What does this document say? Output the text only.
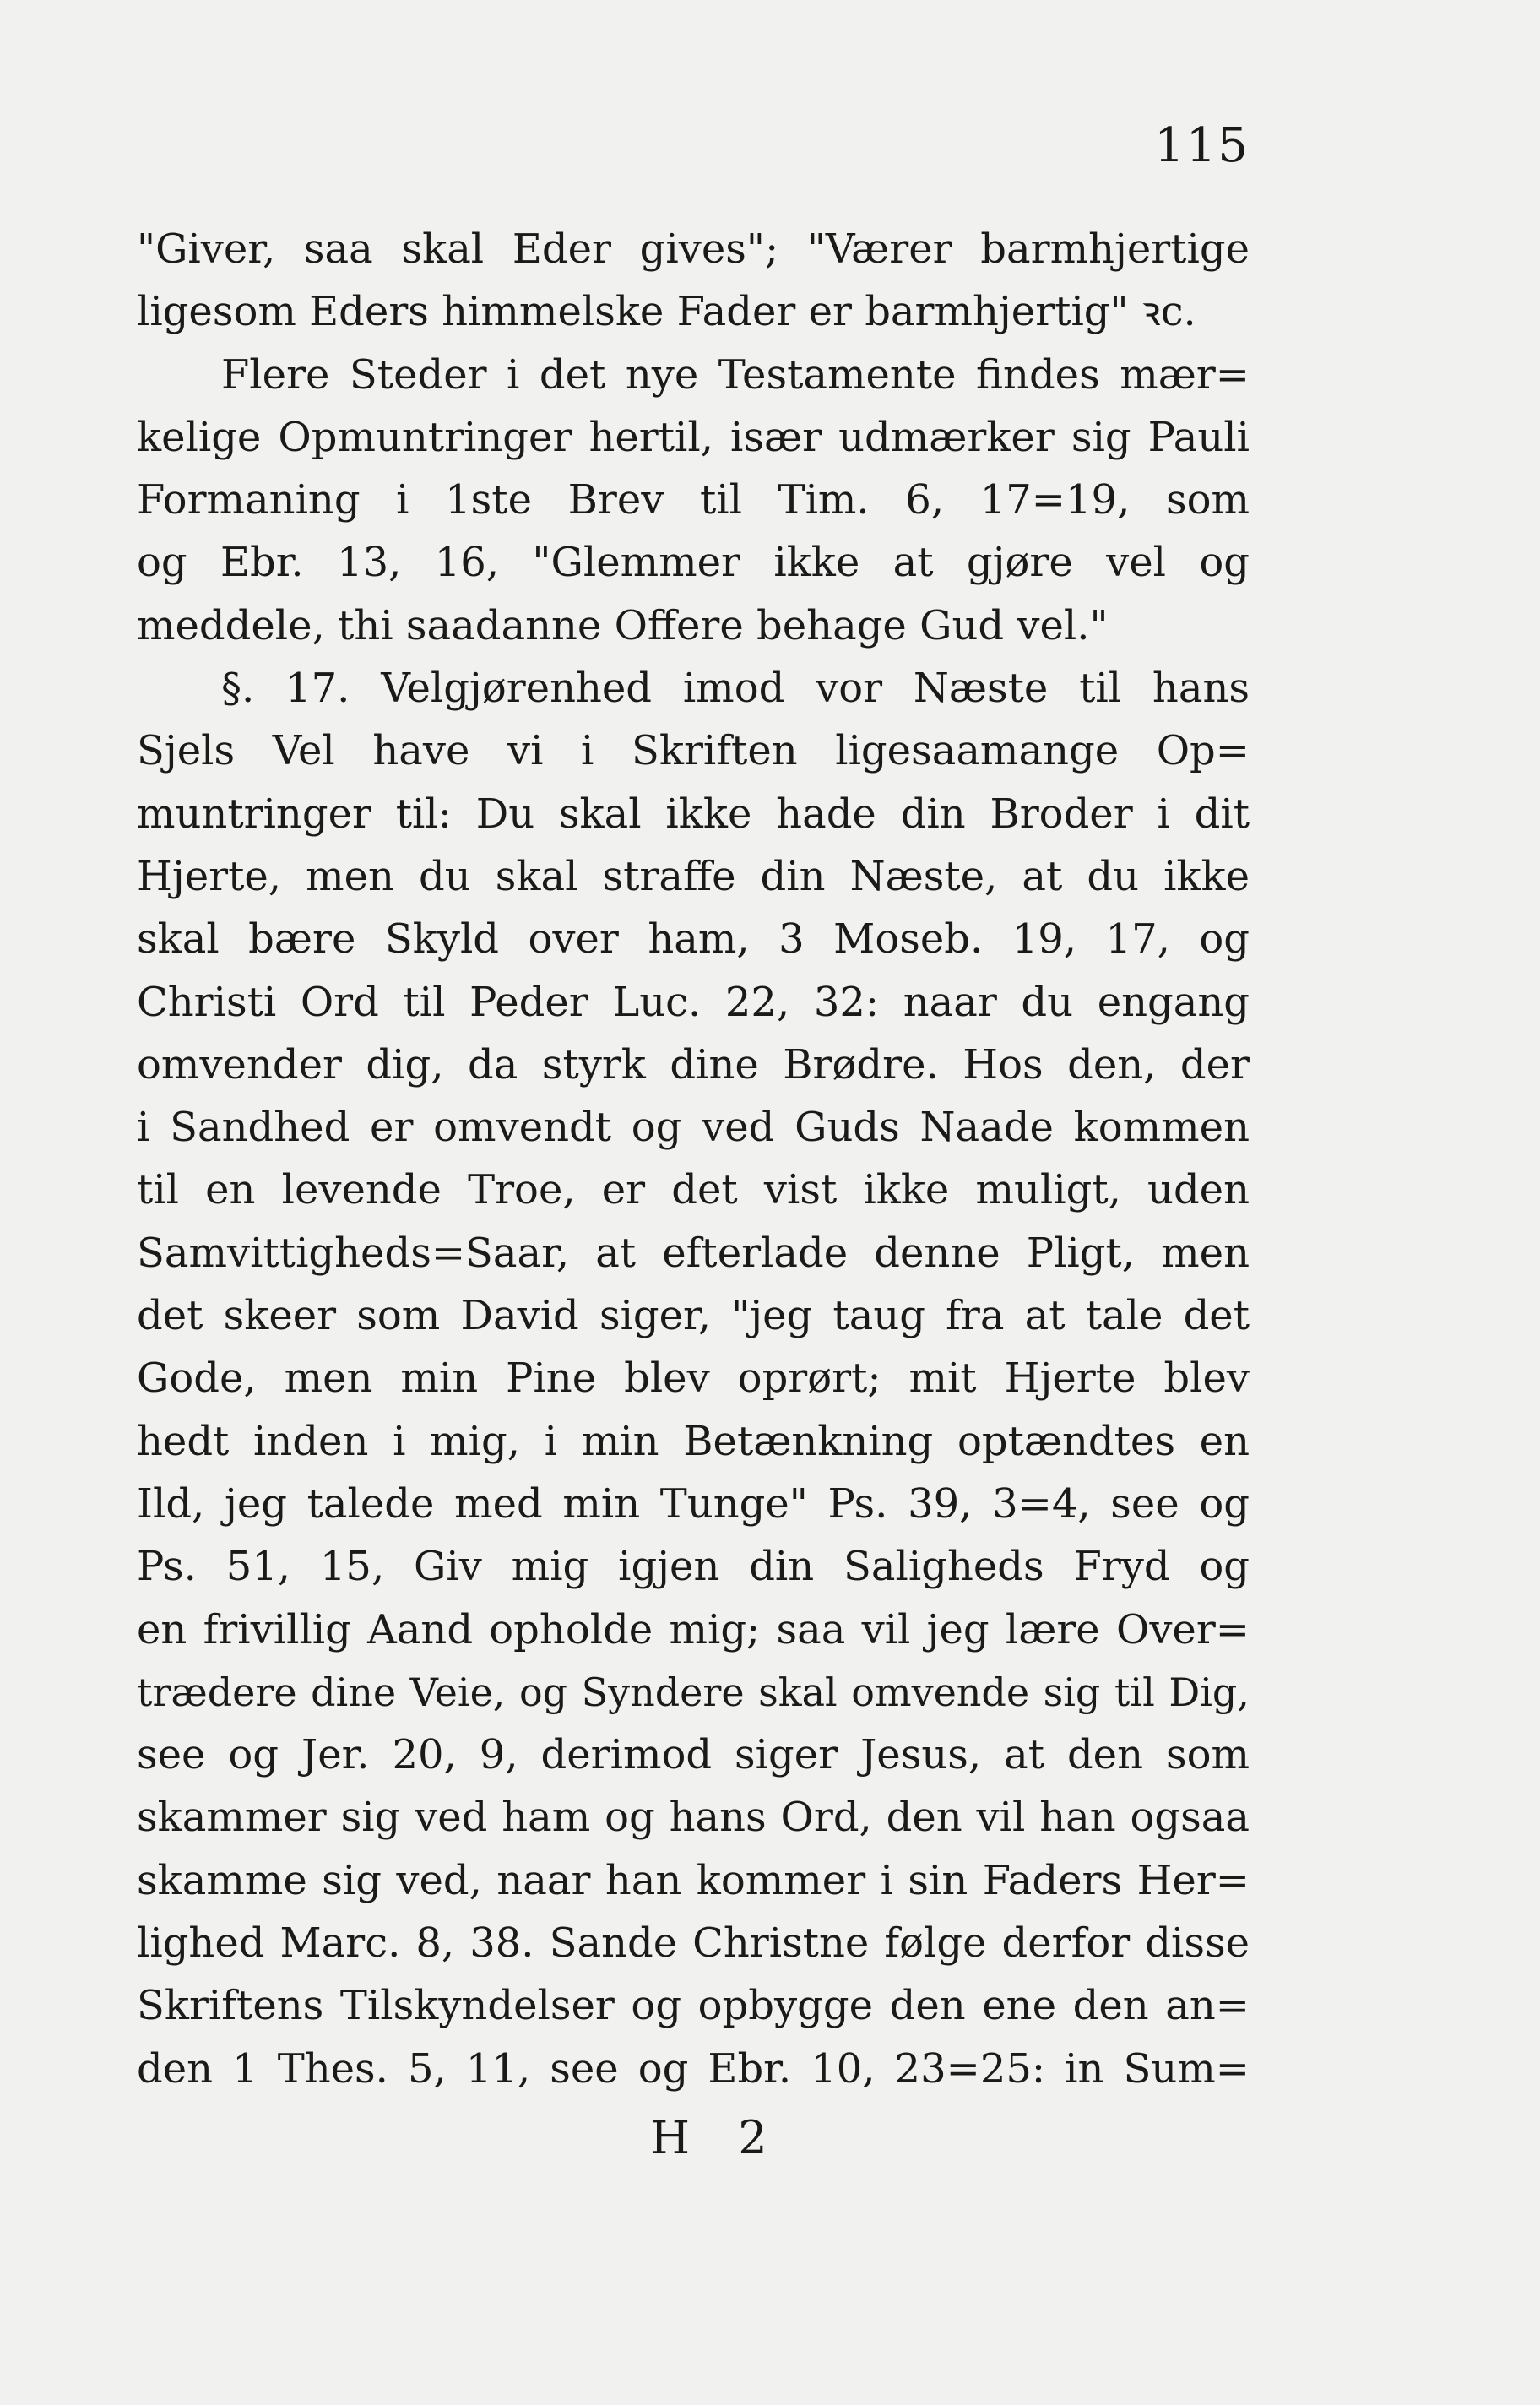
115
"Giver, saa skal Eder gives"; "Værer barmhjertige
ligesom Eders himmelske Fader er barmhjertig" ꝛc.
Flere Steder i det nye Testamente findes mær=
kelige Opmuntringer hertil, især udmærker sig Pauli
Formaning i 1ste Brev til Tim. 6, 17=19, som
og Ebr. 13, 16, "Glemmer ikke at gjøre vel og
meddele, thi saadanne Offere behage Gud vel."
§. 17. Velgjørenhed imod vor Næste til hans
Sjels Vel have vi i Skriften ligesaamange Op=
muntringer til: Du skal ikke hade din Broder i dit
Hjerte, men du skal straffe din Næste, at du ikke
skal bære Skyld over ham, 3 Moseb. 19, 17, og
Christi Ord til Peder Luc. 22, 32: naar du engang
omvender dig, da styrk dine Brødre. Hos den, der
i Sandhed er omvendt og ved Guds Naade kommen
til en levende Troe, er det vist ikke muligt, uden
Samvittigheds=Saar, at efterlade denne Pligt, men
det skeer som David siger, "jeg taug fra at tale det
Gode, men min Pine blev oprørt; mit Hjerte blev
hedt inden i mig, i min Betænkning optændtes en
Ild, jeg talede med min Tunge" Ps. 39, 3=4, see og
Ps. 51, 15, Giv mig igjen din Saligheds Fryd og
en frivillig Aand opholde mig; saa vil jeg lære Over=
trædere dine Veie, og Syndere skal omvende sig til Dig,
see og Jer. 20, 9, derimod siger Jesus, at den som
skammer sig ved ham og hans Ord, den vil han ogsaa
skamme sig ved, naar han kommer i sin Faders Her=
lighed Marc. 8, 38. Sande Christne følge derfor disse
Skriftens Tilskyndelser og opbygge den ene den an=
den 1 Thes. 5, 11, see og Ebr. 10, 23=25: in Sum=
H 2
